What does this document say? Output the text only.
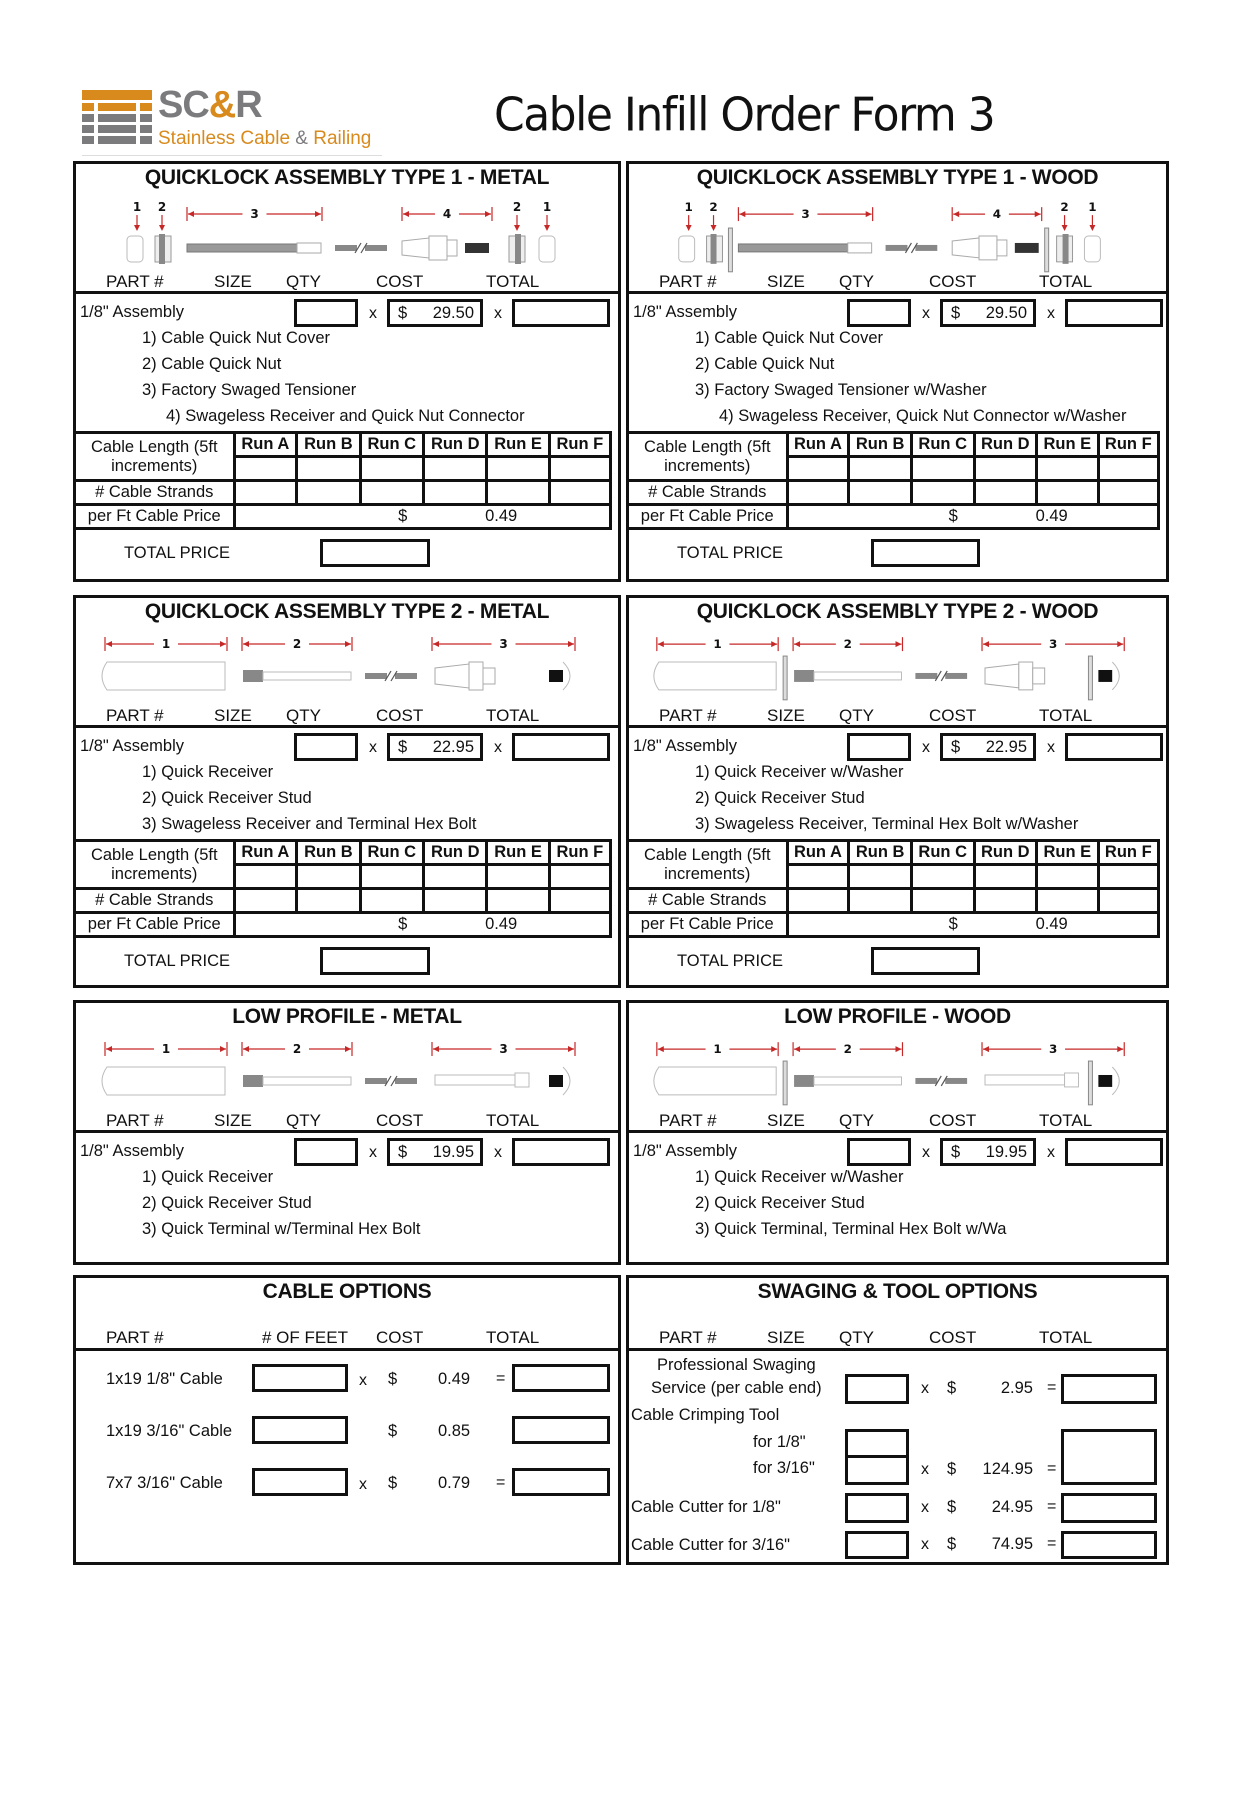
SC&R
Stainless Cable & Railing	Cable Infill Order Form 3
QUICKLOCK ASSEMBLY TYPE 1 - METAL
1 2	3	4	2 1
PART #	SIZE QTY	COST	TOTAL
1/8" Assembly	x $ 29.50 x
1) Cable Quick Nut Cover
2) Cable Quick Nut
3) Factory Swaged Tensioner
4) Swageless Receiver and Quick Nut Connector
Cable Length (5ft
increments)	Run A	Run B	Run C	Run D	Run E	Run F

# Cable Strands						
per Ft Cable Price	$ 0.49					
TOTAL PRICE
QUICKLOCK ASSEMBLY TYPE 1 - WOOD
1 2	3	4	2 1
PART #	SIZE QTY	COST	TOTAL
1/8" Assembly	x $ 29.50 x
1) Cable Quick Nut Cover
2) Cable Quick Nut
3) Factory Swaged Tensioner w/Washer
4) Swageless Receiver, Quick Nut Connector w/Washer
Cable Length (5ft
increments)	Run A	Run B	Run C	Run D	Run E	Run F

# Cable Strands						
per Ft Cable Price	$ 0.49					
TOTAL PRICE
QUICKLOCK ASSEMBLY TYPE 2 - METAL
1	2	3
PART #	SIZE QTY	COST	TOTAL
1/8" Assembly	x $ 22.95 x
1) Quick Receiver
2) Quick Receiver Stud
3) Swageless Receiver and Terminal Hex Bolt
Cable Length (5ft
increments)	Run A	Run B	Run C	Run D	Run E	Run F

# Cable Strands						
per Ft Cable Price	$ 0.49					
TOTAL PRICE
QUICKLOCK ASSEMBLY TYPE 2 - WOOD
1	2	3
PART #	SIZE QTY	COST	TOTAL
1/8" Assembly	x $ 22.95 x
1) Quick Receiver w/Washer
2) Quick Receiver Stud
3) Swageless Receiver, Terminal Hex Bolt w/Washer
Cable Length (5ft
increments)	Run A	Run B	Run C	Run D	Run E	Run F

# Cable Strands						
per Ft Cable Price	$ 0.49					
TOTAL PRICE
LOW PROFILE - METAL
1	2	3
PART #	SIZE QTY	COST	TOTAL
1/8" Assembly	x $ 19.95 x
1) Quick Receiver
2) Quick Receiver Stud
3) Quick Terminal w/Terminal Hex Bolt
LOW PROFILE - WOOD
1	2	3
PART #	SIZE QTY	COST	TOTAL
1/8" Assembly	x $ 19.95 x
1) Quick Receiver w/Washer
2) Quick Receiver Stud
3) Quick Terminal, Terminal Hex Bolt w/Wa
CABLE OPTIONS
PART #	# OF FEET COST	TOTAL
1x19 1/8" Cable	x $ 0.49 =
1x19 3/16" Cable	$ 0.85
7x7 3/16" Cable	x $ 0.79 =
SWAGING & TOOL OPTIONS
PART #	SIZE QTY	COST	TOTAL
Professional Swaging
Service (per cable end)	x $	2.95 =
Cable Crimping Tool
for 1/8"
for 3/16"	x $	124.95 =
Cable Cutter for 1/8"	x $	24.95 =
Cable Cutter for 3/16"	x $	74.95 =
